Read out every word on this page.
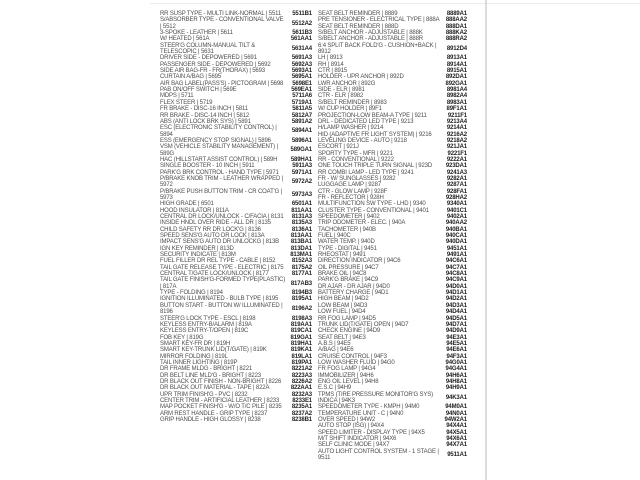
RR SUSP TYPE - MULTI LINK-NORMAL | 5511	5511B1
S/ABSORBER TYPE - CONVENTIONAL VALVE | 5512
5512A2
3-SPOKE - LEATHER | 5611	5611B3
W/ HEATED | 561A	561AA1
STEER'G COLUMN-MANUAL TILT & TELESCOPIC | 5631
5631A4
DRIVER SIDE - DEPOWERED | 5691	5691A3
PASSENGER SIDE - DEPOWERED | 5692	5692A3
SIDE AIR BAG-FR - FR(THORAX) | 5693	5693A1
CURTAIN A/BAG | 5695	5695A1
AIR BAG LABEL(PASS'S) - PICTOGRAM | 5698	5698E1
PAB ON/OFF SWITCH | 569E	569EA1
MDPS | 5711	5711A6
FLEX STEER | 5719	5719A1
FR BRAKE - DISC-16 INCH | 5811	5811A5
RR BRAKE - DISC-14 INCH | 5812	5812A7
ABS (ANTI LOCK BRK SYS) | 5891	5891A2
ESC (ELECTRONIC STABILITY CONTROL) | 5894
5894A1
ESS (EMERGENCY STOP SIGNAL) | 5896	5896A1
VSM (VEHICLE STABILITY MANAGEMENT) | 589G
589GA1
HAC (HILLSTART ASSIST CONTROL) | 589H	589HA1
SINGLE BOOSTER - 10 INCH | 5911	5911A3
PARK'G BRK CONTROL - HAND TYPE | 5971	5971A1
P/BRAKE KNOB TRIM - LEATHER WRAPPED | 5972
5972A2
P/BRAKE PUSH BUTTON TRIM - CR COAT'G | 5973
5973A3
HIGH GRADE | 6501	6501A1
HOOD INSULATOR | 811A	811AA1
CENTRAL DR LOCK/UNLOCK - C/FACIA | 8131	8131A3
INSIDE HNDL OVER RIDE - ALL DR | 8135	8135A3
CHILD SAFETY RR DR LOCK'G | 8136	8136A1
SPEED SENS'G AUTO DR LOCK | 813A	813AA1
IMPACT SENS'G AUTO DR UNLOCKG | 813B	813BA1
IGN KEY REMINDER | 813D	813DA1
SECURITY INDICATE | 813M	813MA1
FUEL FILLER DR REL TYPE - CABLE | 8152	8152A3
TAIL GATE RELEASE TYPE - ELECTRIC | 8175	8175A2
CENTRAL T/GATE LOCK/UNLOCK | 8177	8177A1
TAIL GATE FINISH'G-FORMED TYPE(PLASTIC) | 817A
817AB3
TYPE - FOLDING | 8194	8194B3
IGNITION ILLUMINATED - BULB TYPE | 8195	8195A1
BUTTON START - BUTTON W/ ILLUMINATED | 8196
8196A2
STEER'G LOCK TYPE - ESCL | 8198	8198A3
KEYLESS ENTRY-B/ALARM | 819A	819AA1
KEYLESS ENTRY-T/OPEN | 819C	819CA1
FOB KEY | 819G	819GA1
SMART KEY-FR DR | 819H	819HA1
SMART KEY-TRUNK LID(T/GATE) | 819K	819KA1
MIRROR FOLDING | 819L	819LA1
TAIL INNER LIGHTING | 819P	819PA1
DR FRAME MLDG - BRIGHT | 8221	8221A2
DR BELT LINE MLD'G - BRIGHT | 8223	8223A3
DR BLACK OUT FINISH - NON-BRIGHT | 8226	8226A2
DR BLACK OUT MATERIAL - TAPE | 822A	822AA1
UPR TRIM FINISH'G - PVC | 8232	8232A3
CENTER TRIM - ARTIFICIAL LEATHER | 8233	8233E1
MAP POCKET FINISH'G - W/O T/C PILE | 8235	8235A1
ARM REST HANDLE - GRIP TYPE | 8237	8237A2
GRIP HANDLE - HIGH GLOSSY | 8238	8238B1
SEAT BELT REMINDER | 8889	8889A1
PRE TENSIONER - ELECTRICAL TYPE | 888A	888AA2
SEAT BELT REMINDER | 888D	888DA1
S/BELT ANCHOR - ADJUSTABLE | 888K	888KA2
S/BELT ANCHOR - ADJUSTABLE | 888R	888RA2
6:4 SPLIT BACK FOLD'G - CUSHION+BACK | 8912
8912D4
LH | 8913	8913A1
RH | 8914	8914A1
CTR | 8915	8915A1
HOLDER - UPR ANCHOR | 892D	892DA1
LWR ANCHOR | 892G	892GA1
SIDE - ELR | 8981	8981A4
CTR - ELR | 8982	8982A4
S/BELT REMINDER | 8983	8983A1
W/ CUP HOLDER | 89F1	89F1A1
PROJECTION-LOW BEAM-A TYPE | 9211	9211F1
DRL - DEDICATED LED TYPE | 9213	9213A4
H/LAMP WASHER | 9214	9214A1
HID (ADAPTIVE FR LIGHT SYSTEM) | 9216	9216A2
LEVELING DEVICE - AUTO | 9218	9218A2
ESCORT | 921J	921JA1
SPORTY TYPE - MFR | 9221	9221F1
RR - CONVENTIONAL | 9222	9222A1
ONE TOUCH TRIPLE TURN SIGNAL | 923D	923DA1
RR COMBI LAMP - LED TYPE | 9241	9241A3
FR - W/ SUNGLASSES | 9282	9282A1
LUGGAGE LAMP | 9287	9287A1
CTR - GLOW LAMP | 928F	928FA1
FR - REFLECTOR | 928H	928HA2
MULTIFUNCTION SW TYPE - LHD | 9340	9340A1
CLUSTER TYPE - CONVENTIONAL | 9401	9401C1
SPEEDOMETER | 9402	9402A1
TRIP ODOMETER - ELEC. | 940A	940AA2
TACHOMETER | 940B	940BA1
FUEL | 940C	940CA1
WATER TEMP. | 940D	940DA1
TYPE - DIGITAL | 9451	9451A1
RHEOSTAT | 9491	9491A1
DIRECTION INDICATOR | 94C6	94C6A1
OIL PRESSURE | 94C7	94C7A1
BRAKE OIL | 94C8	94C8A1
PARK'G BRAKE | 94C9	94C9A1
DR AJAR - DR AJAR | 94D0	94D0A1
BATTERY CHARGE | 94D1	94D1A1
HIGH BEAM | 94D2	94D2A1
LOW BEAM | 94D3	94D3A1
LOW FUEL | 94D4	94D4A1
RR FOG LAMP | 94D5	94D5A1
TRUNK LID(T/GATE) OPEN | 94D7	94D7A1
CHECK ENGINE | 94D9	94D9A1
SEAT BELT | 94E3	94E3A1
A.B.S | 94E5	94E5A1
A/BAG | 94E6	94E6A1
CRUISE CONTROL | 94F3	94F3A1
LOW WASHER FLUID | 94G0	94G0A1
FR FOG LAMP | 94G4	94G4A1
IMMOBILIZER | 94H6	94H6A1
ENG OIL LEVEL | 94H8	94H8A1
E.S.C | 94H9	94H9A1
TPMS (TIRE PRESSURE MONITOR'G SYS) INDICA | 94K3
94K3A1
SPEEDOMETER TYPE - KMPH | 94M0	94M0A1
TEMPERATURE UNIT - C | 94N0	94N0A1
OVER SPEED | 94W2	94W2A1
AUTO STOP (ISG) | 94X4	94X4A1
SPEED LIMITER - DISPLAY TYPE | 94X5	94X5A1
M/T SHIFT INDICATOR | 94X6	94X6A1
SELF CLINIC MODE | 94X7	94X7A1
AUTO LIGHT CONTROL SYSTEM - 1 STAGE | 9511
9511A1
